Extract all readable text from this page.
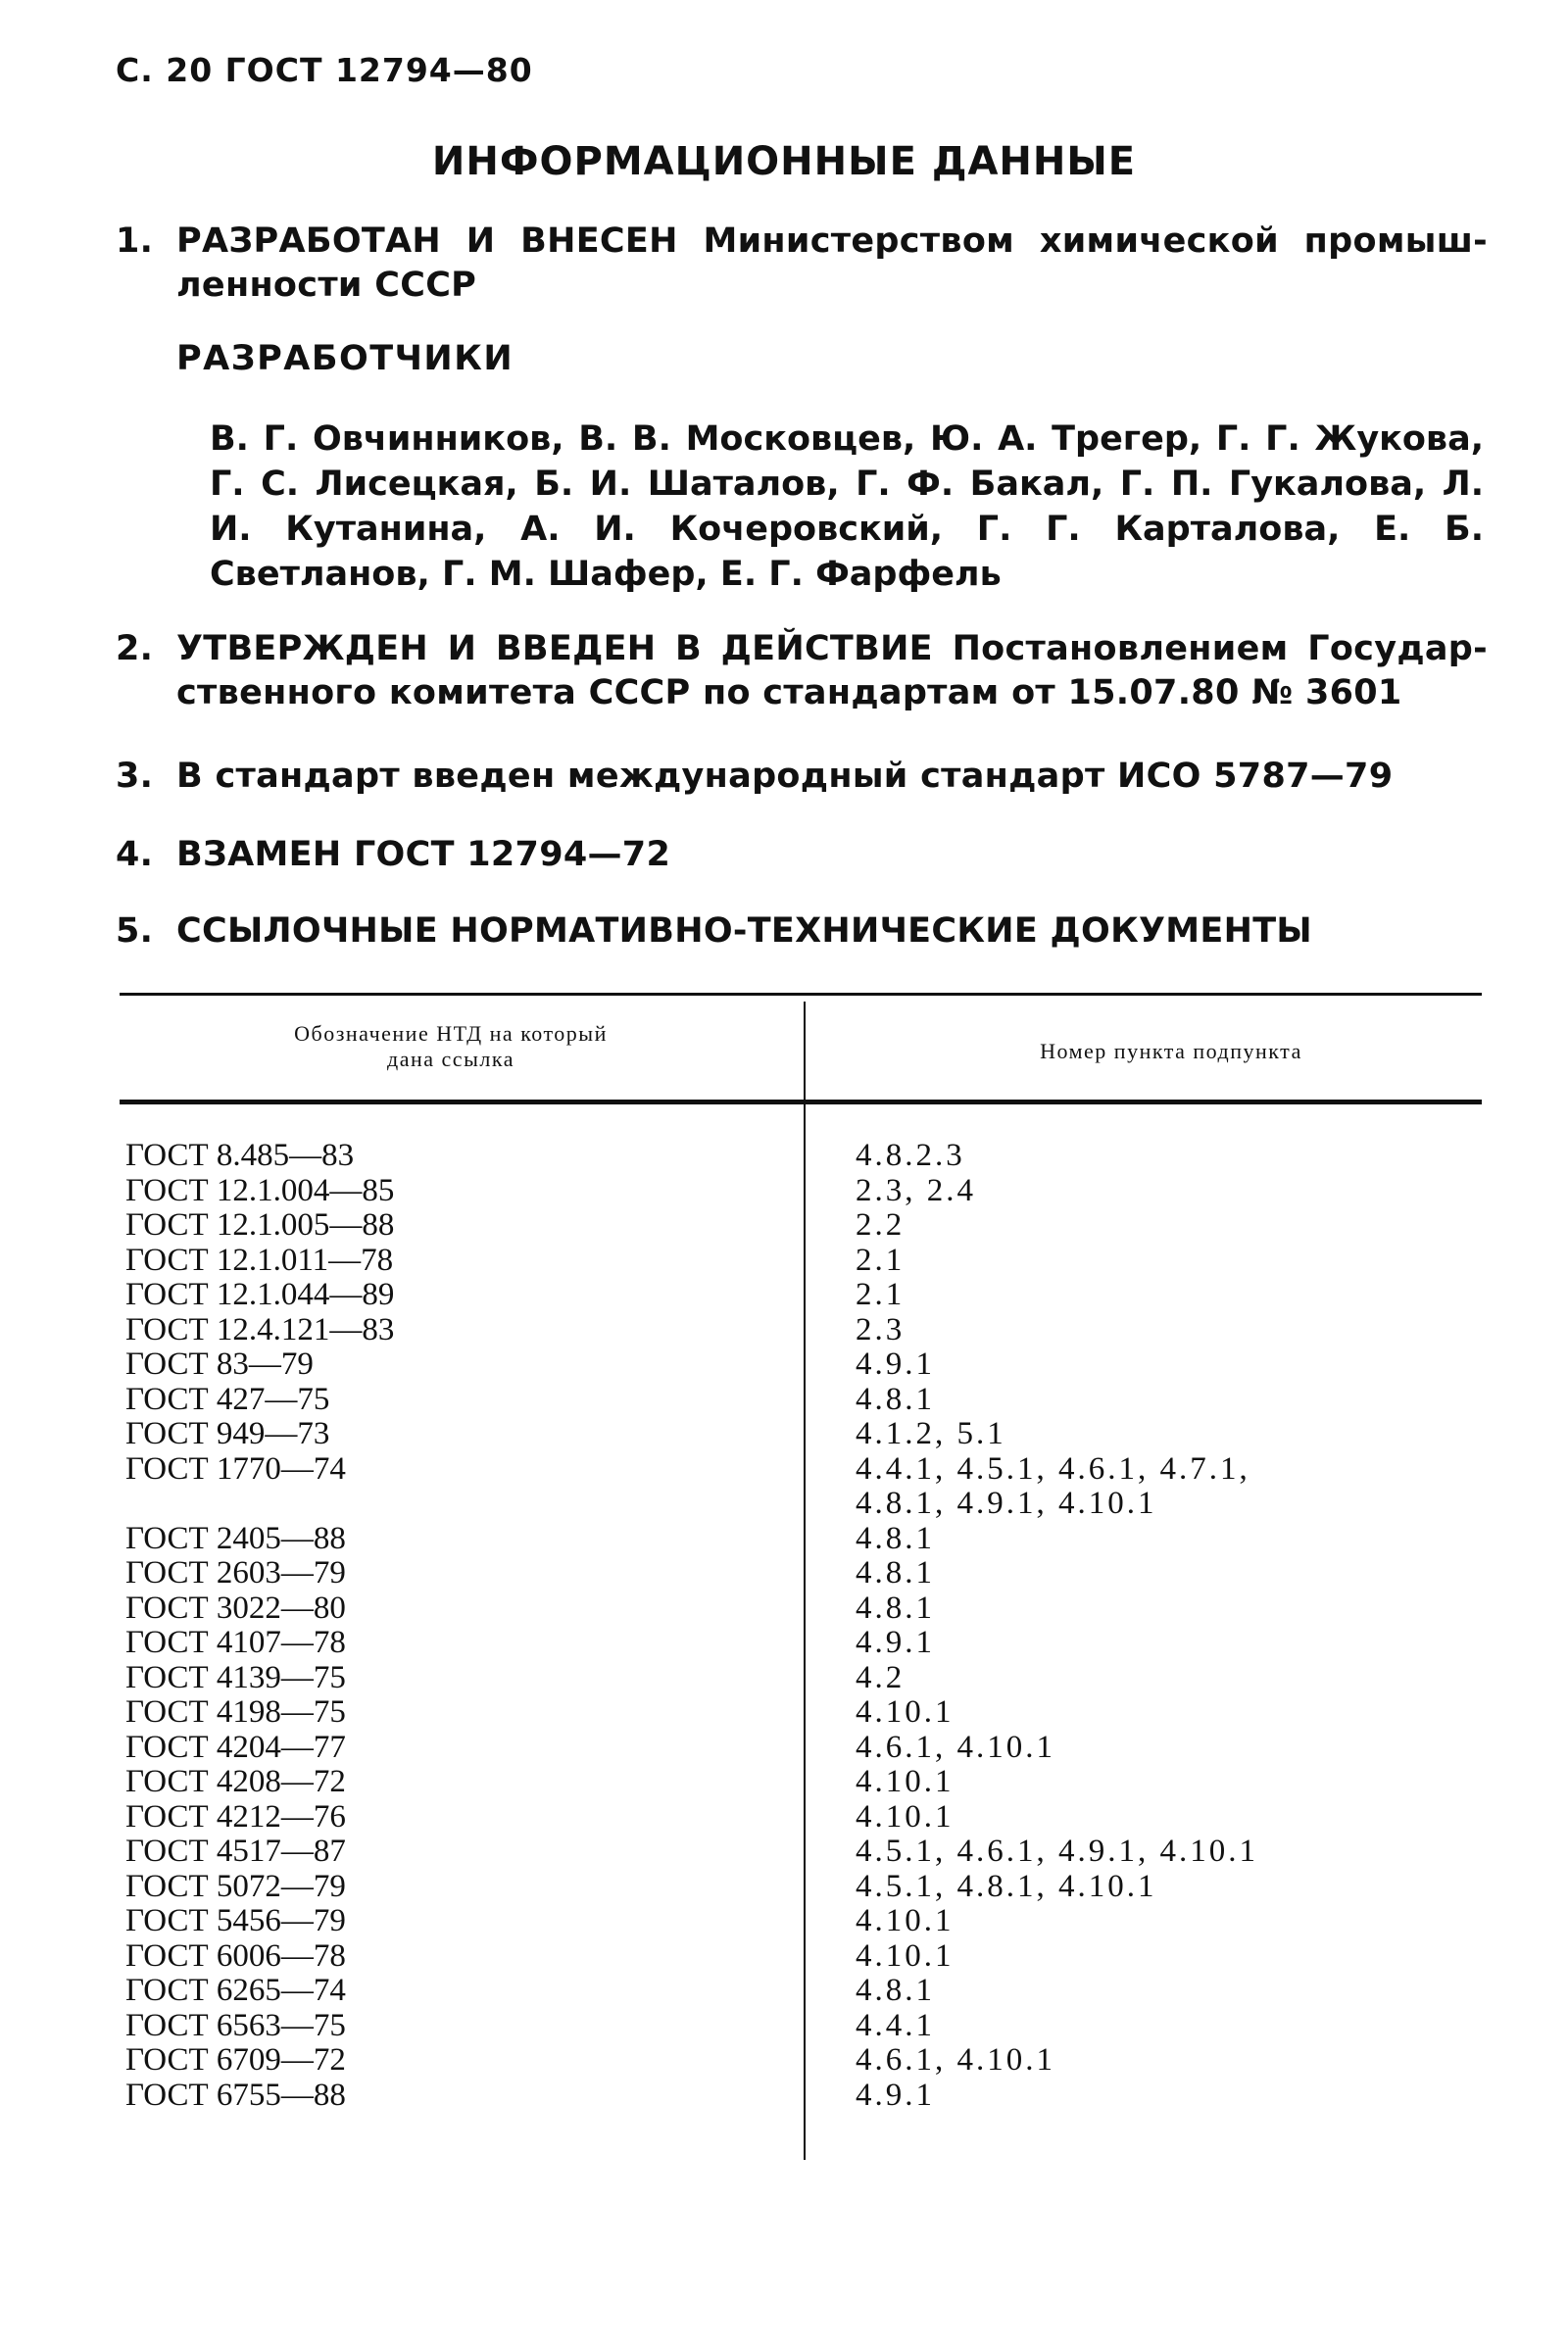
С. 20 ГОСТ 12794—80
ИНФОРМАЦИОННЫЕ ДАННЫЕ
1. РАЗРАБОТАН И ВНЕСЕН Министерством химической промыш-
ленности СССР
РАЗРАБОТЧИКИ
В. Г. Овчинников, В. В. Московцев, Ю. А. Трегер, Г. Г. Жукова, Г. С. Лисецкая, Б. И. Шаталов, Г. Ф. Бакал, Г. П. Гукалова, Л. И. Кутанина, А. И. Кочеровский, Г. Г. Карталова, Е. Б. Светланов, Г. М. Шафер, Е. Г. Фарфель
2. УТВЕРЖДЕН И ВВЕДЕН В ДЕЙСТВИЕ Постановлением Государ-
ственного комитета СССР по стандартам от 15.07.80 № 3601
3. В стандарт введен международный стандарт ИСО 5787—79
4. ВЗАМЕН ГОСТ 12794—72
5. ССЫЛОЧНЫЕ НОРМАТИВНО-ТЕХНИЧЕСКИЕ ДОКУМЕНТЫ
Обозначение НТД на который
дана ссылка	Номер пункта подпункта
ГОСТ 8.485—83
ГОСТ 12.1.004—85
ГОСТ 12.1.005—88
ГОСТ 12.1.011—78
ГОСТ 12.1.044—89
ГОСТ 12.4.121—83
ГОСТ 83—79
ГОСТ 427—75
ГОСТ 949—73
ГОСТ 1770—74
ГОСТ 2405—88
ГОСТ 2603—79
ГОСТ 3022—80
ГОСТ 4107—78
ГОСТ 4139—75
ГОСТ 4198—75
ГОСТ 4204—77
ГОСТ 4208—72
ГОСТ 4212—76
ГОСТ 4517—87
ГОСТ 5072—79
ГОСТ 5456—79
ГОСТ 6006—78
ГОСТ 6265—74
ГОСТ 6563—75
ГОСТ 6709—72
ГОСТ 6755—88
4.8.2.3
2.3, 2.4
2.2
2.1
2.1
2.3
4.9.1
4.8.1
4.1.2, 5.1
4.4.1, 4.5.1, 4.6.1, 4.7.1,
4.8.1, 4.9.1, 4.10.1
4.8.1
4.8.1
4.8.1
4.9.1
4.2
4.10.1
4.6.1, 4.10.1
4.10.1
4.10.1
4.5.1, 4.6.1, 4.9.1, 4.10.1
4.5.1, 4.8.1, 4.10.1
4.10.1
4.10.1
4.8.1
4.4.1
4.6.1, 4.10.1
4.9.1
